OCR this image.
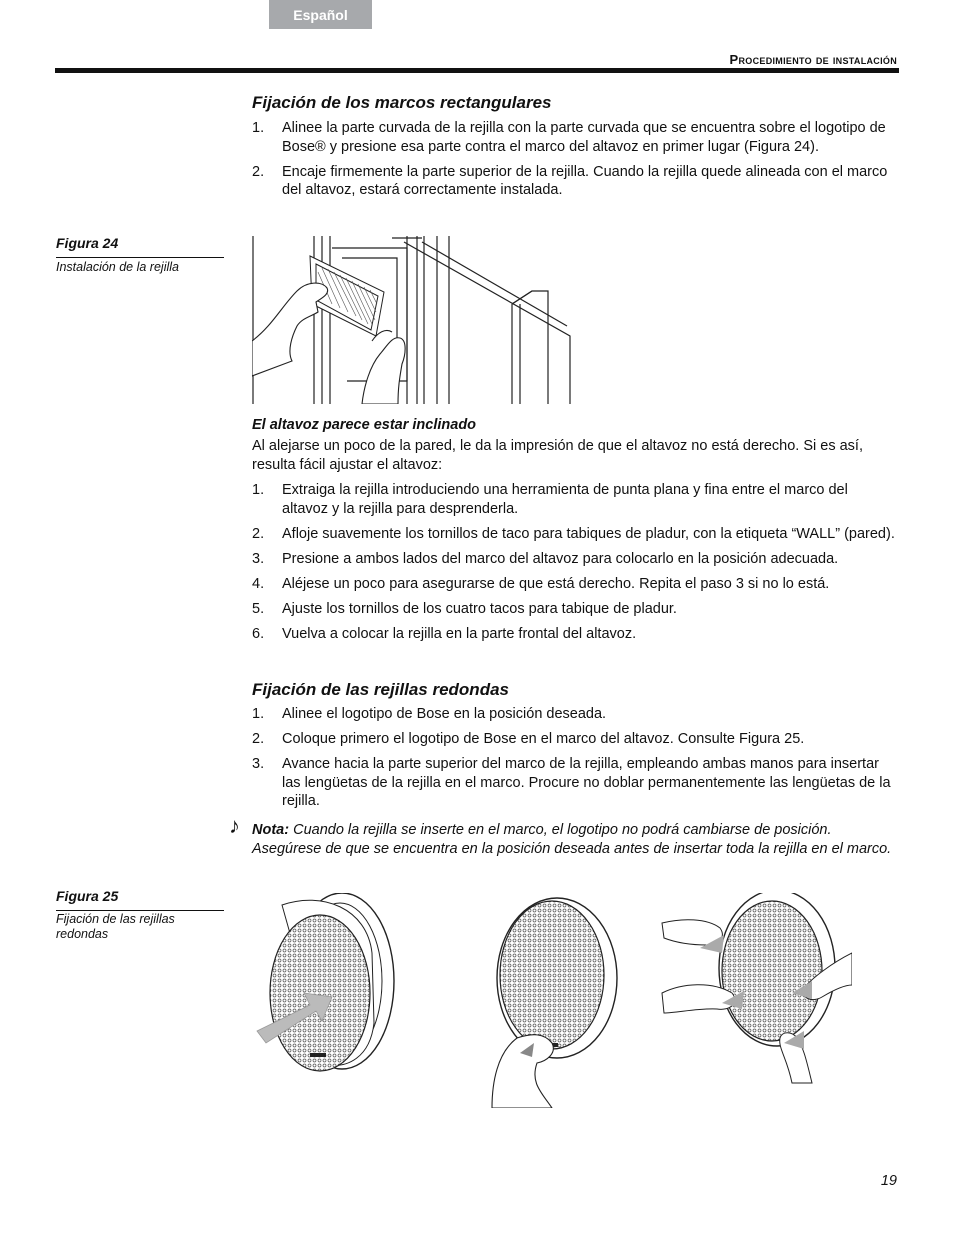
Español
Procedimiento de instalación
Fijación de los marcos rectangulares
1. Alinee la parte curvada de la rejilla con la parte curvada que se encuentra sobre el logotipo de Bose® y presione esa parte contra el marco del altavoz en primer lugar (Figura 24).
2. Encaje firmemente la parte superior de la rejilla. Cuando la rejilla quede alineada con el marco del altavoz, estará correctamente instalada.
Figura 24
Instalación de la rejilla
El altavoz parece estar inclinado

Al alejarse un poco de la pared, le da la impresión de que el altavoz no está derecho. Si es así, resulta fácil ajustar el altavoz:

1. Extraiga la rejilla introduciendo una herramienta de punta plana y fina entre el marco del altavoz y la rejilla para desprenderla.
2. Afloje suavemente los tornillos de taco para tabiques de pladur, con la etiqueta “WALL” (pared).
3. Presione a ambos lados del marco del altavoz para colocarlo en la posición adecuada.
4. Aléjese un poco para asegurarse de que está derecho. Repita el paso 3 si no lo está.
5. Ajuste los tornillos de los cuatro tacos para tabique de pladur.
6. Vuelva a colocar la rejilla en la parte frontal del altavoz.
Fijación de las rejillas redondas
1. Alinee el logotipo de Bose en la posición deseada.
2. Coloque primero el logotipo de Bose en el marco del altavoz. Consulte Figura 25.
3. Avance hacia la parte superior del marco de la rejilla, empleando ambas manos para insertar las lengüetas de la rejilla en el marco. Procure no doblar permanentemente las lengüetas de la rejilla.
♪ Nota: Cuando la rejilla se inserte en el marco, el logotipo no podrá cambiarse de posición. Asegúrese de que se encuentra en la posición deseada antes de insertar toda la rejilla en el marco.

Figura 25
Fijación de las rejillas redondas
19
